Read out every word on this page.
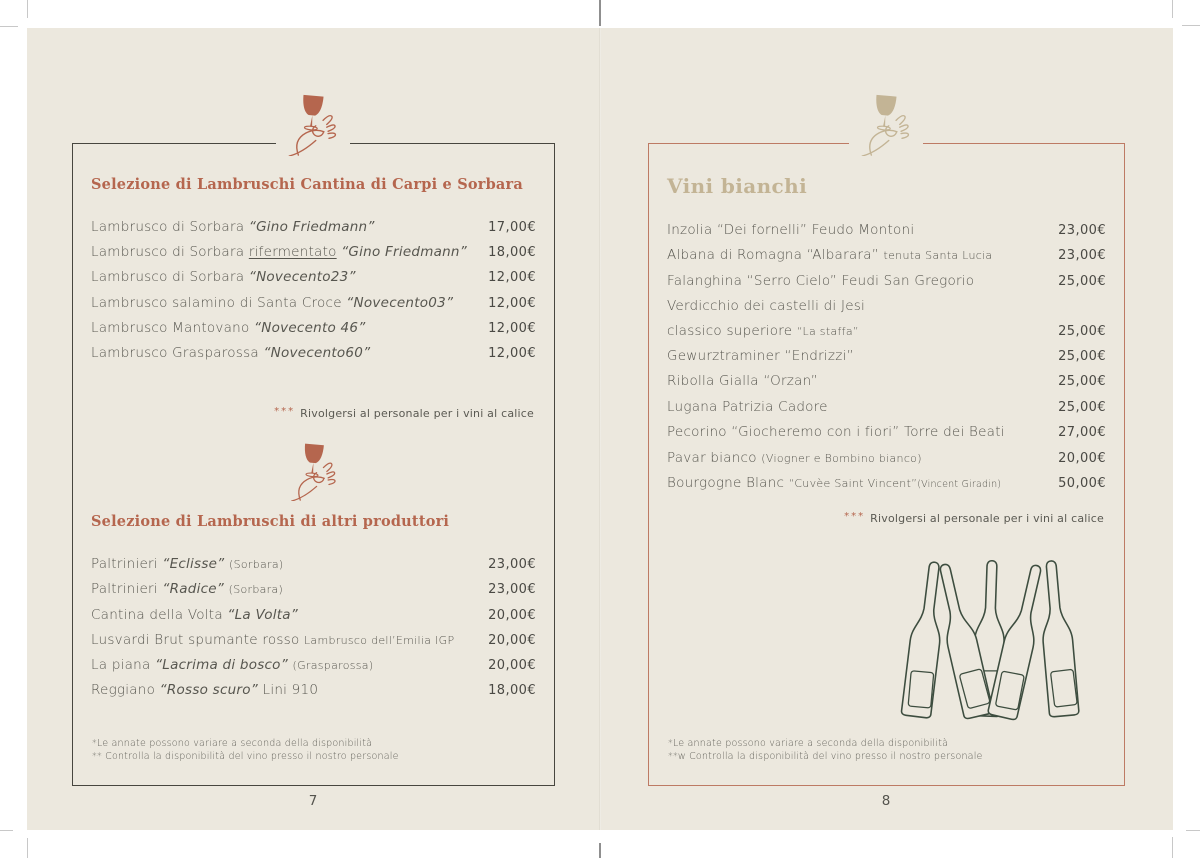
Selezione di Lambruschi Cantina di Carpi e Sorbara
Lambrusco di Sorbara “Gino Friedmann”	17,00€
Lambrusco di Sorbara rifermentato “Gino Friedmann” 18,00€
Lambrusco di Sorbara “Novecento23”	12,00€
Lambrusco salamino di Santa Croce “Novecento03”	12,00€
Lambrusco Mantovano “Novecento 46”	12,00€
Lambrusco Grasparossa “Novecento60”	12,00€
*** Rivolgersi al personale per i vini al calice
Selezione di Lambruschi di altri produttori
Paltrinieri “Eclisse” (Sorbara)	23,00€
Paltrinieri “Radice” (Sorbara)	23,00€
Cantina della Volta “La Volta”	20,00€
Lusvardi Brut spumante rosso Lambrusco dell’Emilia IGP	20,00€
La piana “Lacrima di bosco” (Grasparossa)	20,00€
Reggiano “Rosso scuro” Lini 910	18,00€
*Le annate possono variare a seconda della disponibilità
** Controlla la disponibilità del vino presso il nostro personale
Vini bianchi
Inzolia “Dei fornelli” Feudo Montoni	23,00€
Albana di Romagna “Albarara” tenuta Santa Lucia	23,00€
Falanghina “Serro Cielo” Feudi San Gregorio	25,00€
Verdicchio dei castelli di Jesi
classico superiore “La staffa”	25,00€
Gewurztraminer “Endrizzi”	25,00€
Ribolla Gialla “Orzan”	25,00€
Lugana Patrizia Cadore	25,00€
Pecorino “Giocheremo con i fiori” Torre dei Beati	27,00€
Pavar bianco (Viogner e Bombino bianco)	20,00€
Bourgogne Blanc “Cuvèe Saint Vincent”(Vincent Giradin)	50,00€
*** Rivolgersi al personale per i vini al calice
*Le annate possono variare a seconda della disponibilità
**w Controlla la disponibilità del vino presso il nostro personale
7	8
